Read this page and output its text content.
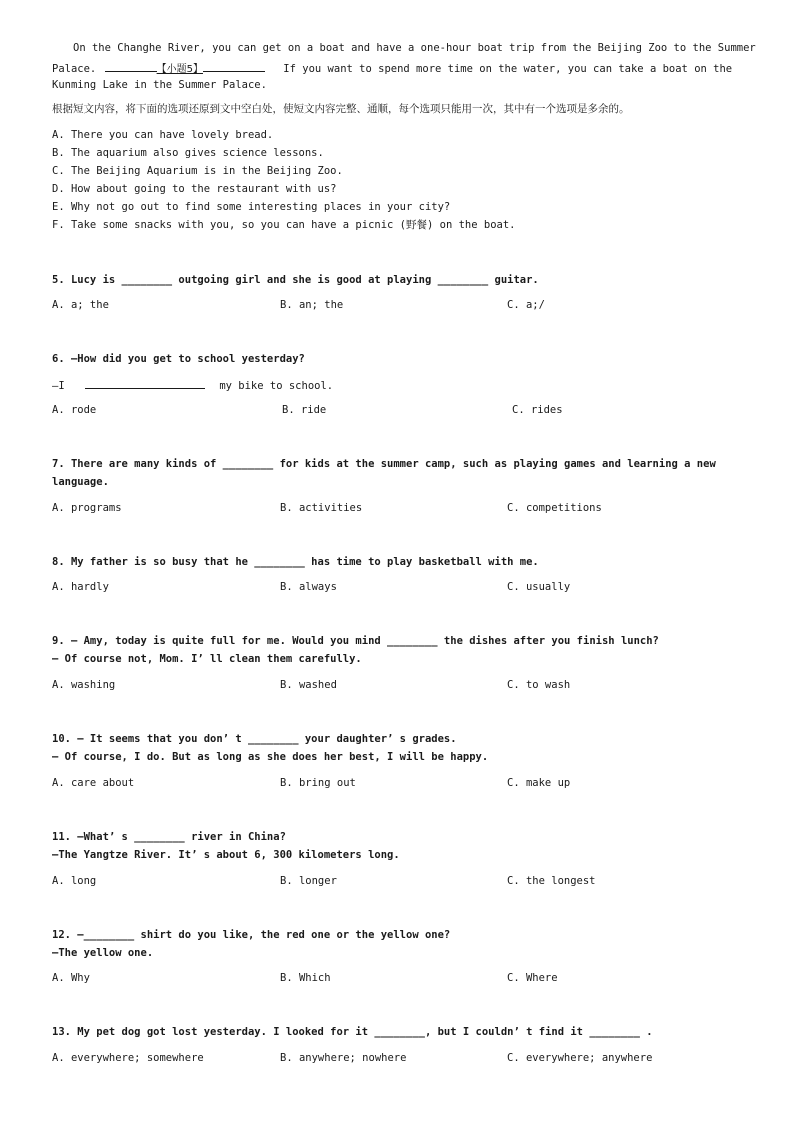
On the Changhe River, you can get on a boat and have a one-hour boat trip from the Beijing Zoo to the Summer
Palace.	【小题5】	If you want to spend more time on the water, you can take a boat on the
Kunming Lake in the Summer Palace.
根据短文内容，将下面的选项还原到文中空白处，使短文内容完整、通顺，每个选项只能用一次，其中有一个选项是多余的。
A. There you can have lovely bread.
B. The aquarium also gives science lessons.
C. The Beijing Aquarium is in the Beijing Zoo.
D. How about going to the restaurant with us?
E. Why not go out to find some interesting places in your city?
F. Take some snacks with you, so you can have a picnic (野餐) on the boat.
5. Lucy is ________ outgoing girl and she is good at playing ________ guitar.
A. a; the	B. an; the	C. a;/
6. —How did you get to school yesterday?
—I	my bike to school.
A. rode	B. ride	C. rides
7. There are many kinds of ________ for kids at the summer camp, such as playing games and learning a new
language.
A. programs	B. activities	C. competitions
8. My father is so busy that he ________ has time to play basketball with me.
A. hardly	B. always	C. usually
9. — Amy, today is quite full for me. Would you mind ________ the dishes after you finish lunch?
— Of course not, Mom. I’ ll clean them carefully.
A. washing	B. washed	C. to wash
10. — It seems that you don’ t ________ your daughter’ s grades.
— Of course, I do. But as long as she does her best, I will be happy.
A. care about	B. bring out	C. make up
11. —What’ s ________ river in China?
—The Yangtze River. It’ s about 6, 300 kilometers long.
A. long	B. longer	C. the longest
12. —________ shirt do you like, the red one or the yellow one?
—The yellow one.
A. Why	B. Which	C. Where
13. My pet dog got lost yesterday. I looked for it ________, but I couldn’ t find it ________ .
A. everywhere; somewhere	B. anywhere; nowhere	C. everywhere; anywhere
